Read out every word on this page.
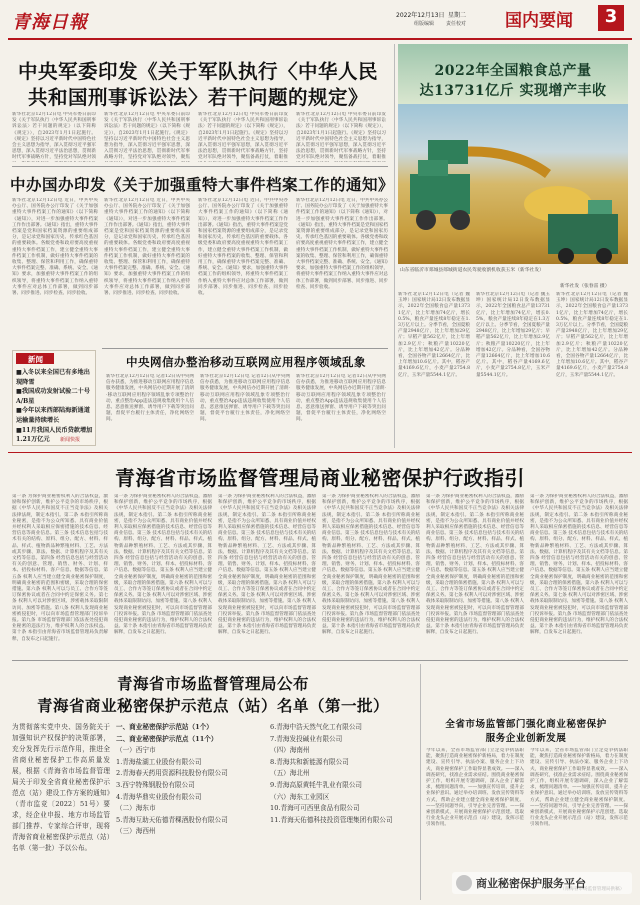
青海日報	2022年12月13日 星期二
组版编辑 责任校对 国内要闻	3
中央军委印发《关于军队执行〈中华人民
共和国刑事诉讼法〉若干问题的规定》
新华社北京12月12日电 中央军委日前印发《关于军队执行〈中华人民共和国刑事诉讼法〉若干问题的规定》（以下简称《规定》），自2023年1月1日起施行。《规定》坚持以习近平新时代中国特色社会主义思想为指导，深入贯彻习近平强军思想，深入贯彻习近平法治思想，贯彻新时代军事战略方针，坚持党对军队绝对领
新华社北京12月12日电 中央军委日前印发《关于军队执行〈中华人民共和国刑事诉讼法〉若干问题的规定》（以下简称《规定》），自2023年1月1日起施行。《规定》坚持以习近平新时代中国特色社会主义思想为指导，深入贯彻习近平强军思想，深入贯彻习近平法治思想，贯彻新时代军事战略方针，坚持党对军队绝对领导，聚焦
新华社北京12月12日电 中央军委日前印发《关于军队执行〈中华人民共和国刑事诉讼法〉若干问题的规定》（以下简称《规定》），自2023年1月1日起施行。《规定》坚持以习近平新时代中国特色社会主义思想为指导，深入贯彻习近平强军思想，深入贯彻习近平法治思想，贯彻新时代军事战略方针，坚持党对军队绝对领导，聚焦备战打仗，着眼推
新华社北京12月12日电 中央军委日前印发《关于军队执行〈中华人民共和国刑事诉讼法〉若干问题的规定》（以下简称《规定》），自2023年1月1日起施行。《规定》坚持以习近平新时代中国特色社会主义思想为指导，深入贯彻习近平强军思想，深入贯彻习近平法治思想，贯彻新时代军事战略方针，坚持党对军队绝对领导，聚焦备战打仗，着眼推
中办国办印发《关于加强重特大事件档案工作的通知》
新华社北京12月12日电 近日，中共中央办公厅、国务院办公厅印发了《关于加强重特大事件档案工作的通知》（以下简称《通知》），对进一步加强重特大事件档案工作作出部署。《通知》指出，重特大事件档案是党和国家档案资源的重要组成部分，是记录党和国家历史、传承红色基因的重要载体。各级党委和政府要高度重视重特大事件档案工作，建立健全重特大事件档案工作机制，做好重特大事件档案的收集、整理、保管和利用工作，确保重特大事件档案完整、准确、系统、安全。《通知》要求，加强重特大事件档案工作的组织领导，将重特大事件档案工作纳入重特大事件应对总体工作部署，做到同步部署、同步推进、同步检查、同步验收。
新华社北京12月12日电 近日，中共中央办公厅、国务院办公厅印发了《关于加强重特大事件档案工作的通知》（以下简称《通知》），对进一步加强重特大事件档案工作作出部署。《通知》指出，重特大事件档案是党和国家档案资源的重要组成部分，是记录党和国家历史、传承红色基因的重要载体。各级党委和政府要高度重视重特大事件档案工作，建立健全重特大事件档案工作机制，做好重特大事件档案的收集、整理、保管和利用工作，确保重特大事件档案完整、准确、系统、安全。《通知》要求，加强重特大事件档案工作的组织领导，将重特大事件档案工作纳入重特大事件应对总体工作部署，做到同步部署、同步推进、同步检查、同步验收。
新华社北京12月12日电 近日，中共中央办公厅、国务院办公厅印发了《关于加强重特大事件档案工作的通知》（以下简称《通知》），对进一步加强重特大事件档案工作作出部署。《通知》指出，重特大事件档案是党和国家档案资源的重要组成部分，是记录党和国家历史、传承红色基因的重要载体。各级党委和政府要高度重视重特大事件档案工作，建立健全重特大事件档案工作机制，做好重特大事件档案的收集、整理、保管和利用工作，确保重特大事件档案完整、准确、系统、安全。《通知》要求，加强重特大事件档案工作的组织领导，将重特大事件档案工作纳入重特大事件应对总体工作部署，做到同步部署、同步推进、同步检查、同步验收。
新华社北京12月12日电 近日，中共中央办公厅、国务院办公厅印发了《关于加强重特大事件档案工作的通知》（以下简称《通知》），对进一步加强重特大事件档案工作作出部署。《通知》指出，重特大事件档案是党和国家档案资源的重要组成部分，是记录党和国家历史、传承红色基因的重要载体。各级党委和政府要高度重视重特大事件档案工作，建立健全重特大事件档案工作机制，做好重特大事件档案的收集、整理、保管和利用工作，确保重特大事件档案完整、准确、系统、安全。《通知》要求，加强重特大事件档案工作的组织领导，将重特大事件档案工作纳入重特大事件应对总体工作部署，做到同步部署、同步推进、同步检查、同步验收。
新闻
■入冬以来全国已有多地出现降雪
■我国成功发射试验二十号A/B星
■今年以来西部陆海新通道运输量持续增长
■11月我国人民币贷款增加1.21万亿元	新闻快报
中央网信办整治移动互联网应用程序领域乱象
新华社北京12月12日电 记者12日从中央网信办获悉，为推进移动互联网应用程序信息服务健康发展，中央网信办近期开展了清朗·移动互联网应用程序领域乱象专项整治行动，重点整治App违法违规收集使用个人信息、恶意推送弹窗、诱导用户下载等突出问题，督促平台履行主体责任，净化网络空间。
新华社北京12月12日电 记者12日从中央网信办获悉，为推进移动互联网应用程序信息服务健康发展，中央网信办近期开展了清朗·移动互联网应用程序领域乱象专项整治行动，重点整治App违法违规收集使用个人信息、恶意推送弹窗、诱导用户下载等突出问题，督促平台履行主体责任，净化网络空间。
新华社北京12月12日电 记者12日从中央网信办获悉，为推进移动互联网应用程序信息服务健康发展，中央网信办近期开展了清朗·移动互联网应用程序领域乱象专项整治行动，重点整治App违法违规收集使用个人信息、恶意推送弹窗、诱导用户下载等突出问题，督促平台履行主体责任，净化网络空间。
2022年全国粮食总产量
达13731亿斤 实现增产丰收
山东省临沂市郯城县郯城街道农民驾驶收割机收获玉米（新华社发）
新华社发（张春雷 摄）
新华社北京12月12日电（记者 魏玉坤）国家统计局12日发布数据显示，2022年全国粮食总产量13731亿斤，比上年增加74亿斤，增长0.5%，粮食产量连续8年稳定在1.3万亿斤以上。分季节看，全国夏粮产量2948亿斤，比上年增加29亿斤；早稻产量562亿斤，比上年增加2.9亿斤；秋粮产量10220亿斤，比上年增加42亿斤。分品种看，全国谷物产量12664亿斤，比上年增加10.6亿斤。其中，稻谷产量4169.6亿斤，小麦产量2754.8亿斤，玉米产量5544.1亿斤。
新华社北京12月12日电（记者 魏玉坤）国家统计局12日发布数据显示，2022年全国粮食总产量13731亿斤，比上年增加74亿斤，增长0.5%，粮食产量连续8年稳定在1.3万亿斤以上。分季节看，全国夏粮产量2948亿斤，比上年增加29亿斤；早稻产量562亿斤，比上年增加2.9亿斤；秋粮产量10220亿斤，比上年增加42亿斤。分品种看，全国谷物产量12664亿斤，比上年增加10.6亿斤。其中，稻谷产量4169.6亿斤，小麦产量2754.8亿斤，玉米产量5544.1亿斤。
新华社北京12月12日电（记者 魏玉坤）国家统计局12日发布数据显示，2022年全国粮食总产量13731亿斤，比上年增加74亿斤，增长0.5%，粮食产量连续8年稳定在1.3万亿斤以上。分季节看，全国夏粮产量2948亿斤，比上年增加29亿斤；早稻产量562亿斤，比上年增加2.9亿斤；秋粮产量10220亿斤，比上年增加42亿斤。分品种看，全国谷物产量12664亿斤，比上年增加10.6亿斤。其中，稻谷产量4169.6亿斤，小麦产量2754.8亿斤，玉米产量5544.1亿斤。
青海省市场监督管理局商业秘密保护行政指引
第一条 为保护商业秘密权利人的合法权益，激励和保护创新，维护公平竞争的市场秩序，根据《中华人民共和国反不正当竞争法》及相关法律法规，制定本指引。第二条 本指引所称商业秘密，是指不为公众所知悉、具有商业价值并经权利人采取相应保密措施的技术信息、经营信息等商业信息。第三条 技术信息包括与技术有关的结构、原料、组分、配方、材料、样品、样式、植物新品种繁殖材料、工艺、方法或其步骤、算法、数据、计算机程序及其有关文档等信息。第四条 经营信息包括与经营活动有关的创意、管理、销售、财务、计划、样本、招投标材料、客户信息、数据等信息。第五条 权利人应当建立健全商业秘密保护制度，明确商业秘密的范围和密级，采取合理的保密措施。第六条 权利人可以与员工、合作方等签订保密协议或者在合同中约定保密义务。第七条 权利人可以对涉密区域、涉密载体采取限制访问、加密等措施。第八条 权利人发现商业秘密被侵犯时，可以向市场监督管理部门投诉举报。第九条 市场监督管理部门依法查处侵犯商业秘密的违法行为，维护权利人的合法权益。第十条 本指引由青海省市场监督管理局负责解释，自发布之日起施行。
第一条 为保护商业秘密权利人的合法权益，激励和保护创新，维护公平竞争的市场秩序，根据《中华人民共和国反不正当竞争法》及相关法律法规，制定本指引。第二条 本指引所称商业秘密，是指不为公众所知悉、具有商业价值并经权利人采取相应保密措施的技术信息、经营信息等商业信息。第三条 技术信息包括与技术有关的结构、原料、组分、配方、材料、样品、样式、植物新品种繁殖材料、工艺、方法或其步骤、算法、数据、计算机程序及其有关文档等信息。第四条 经营信息包括与经营活动有关的创意、管理、销售、财务、计划、样本、招投标材料、客户信息、数据等信息。第五条 权利人应当建立健全商业秘密保护制度，明确商业秘密的范围和密级，采取合理的保密措施。第六条 权利人可以与员工、合作方等签订保密协议或者在合同中约定保密义务。第七条 权利人可以对涉密区域、涉密载体采取限制访问、加密等措施。第八条 权利人发现商业秘密被侵犯时，可以向市场监督管理部门投诉举报。第九条 市场监督管理部门依法查处侵犯商业秘密的违法行为，维护权利人的合法权益。第十条 本指引由青海省市场监督管理局负责解释，自发布之日起施行。
第一条 为保护商业秘密权利人的合法权益，激励和保护创新，维护公平竞争的市场秩序，根据《中华人民共和国反不正当竞争法》及相关法律法规，制定本指引。第二条 本指引所称商业秘密，是指不为公众所知悉、具有商业价值并经权利人采取相应保密措施的技术信息、经营信息等商业信息。第三条 技术信息包括与技术有关的结构、原料、组分、配方、材料、样品、样式、植物新品种繁殖材料、工艺、方法或其步骤、算法、数据、计算机程序及其有关文档等信息。第四条 经营信息包括与经营活动有关的创意、管理、销售、财务、计划、样本、招投标材料、客户信息、数据等信息。第五条 权利人应当建立健全商业秘密保护制度，明确商业秘密的范围和密级，采取合理的保密措施。第六条 权利人可以与员工、合作方等签订保密协议或者在合同中约定保密义务。第七条 权利人可以对涉密区域、涉密载体采取限制访问、加密等措施。第八条 权利人发现商业秘密被侵犯时，可以向市场监督管理部门投诉举报。第九条 市场监督管理部门依法查处侵犯商业秘密的违法行为，维护权利人的合法权益。第十条 本指引由青海省市场监督管理局负责解释，自发布之日起施行。
第一条 为保护商业秘密权利人的合法权益，激励和保护创新，维护公平竞争的市场秩序，根据《中华人民共和国反不正当竞争法》及相关法律法规，制定本指引。第二条 本指引所称商业秘密，是指不为公众所知悉、具有商业价值并经权利人采取相应保密措施的技术信息、经营信息等商业信息。第三条 技术信息包括与技术有关的结构、原料、组分、配方、材料、样品、样式、植物新品种繁殖材料、工艺、方法或其步骤、算法、数据、计算机程序及其有关文档等信息。第四条 经营信息包括与经营活动有关的创意、管理、销售、财务、计划、样本、招投标材料、客户信息、数据等信息。第五条 权利人应当建立健全商业秘密保护制度，明确商业秘密的范围和密级，采取合理的保密措施。第六条 权利人可以与员工、合作方等签订保密协议或者在合同中约定保密义务。第七条 权利人可以对涉密区域、涉密载体采取限制访问、加密等措施。第八条 权利人发现商业秘密被侵犯时，可以向市场监督管理部门投诉举报。第九条 市场监督管理部门依法查处侵犯商业秘密的违法行为，维护权利人的合法权益。第十条 本指引由青海省市场监督管理局负责解释，自发布之日起施行。
第一条 为保护商业秘密权利人的合法权益，激励和保护创新，维护公平竞争的市场秩序，根据《中华人民共和国反不正当竞争法》及相关法律法规，制定本指引。第二条 本指引所称商业秘密，是指不为公众所知悉、具有商业价值并经权利人采取相应保密措施的技术信息、经营信息等商业信息。第三条 技术信息包括与技术有关的结构、原料、组分、配方、材料、样品、样式、植物新品种繁殖材料、工艺、方法或其步骤、算法、数据、计算机程序及其有关文档等信息。第四条 经营信息包括与经营活动有关的创意、管理、销售、财务、计划、样本、招投标材料、客户信息、数据等信息。第五条 权利人应当建立健全商业秘密保护制度，明确商业秘密的范围和密级，采取合理的保密措施。第六条 权利人可以与员工、合作方等签订保密协议或者在合同中约定保密义务。第七条 权利人可以对涉密区域、涉密载体采取限制访问、加密等措施。第八条 权利人发现商业秘密被侵犯时，可以向市场监督管理部门投诉举报。第九条 市场监督管理部门依法查处侵犯商业秘密的违法行为，维护权利人的合法权益。第十条 本指引由青海省市场监督管理局负责解释，自发布之日起施行。
第一条 为保护商业秘密权利人的合法权益，激励和保护创新，维护公平竞争的市场秩序，根据《中华人民共和国反不正当竞争法》及相关法律法规，制定本指引。第二条 本指引所称商业秘密，是指不为公众所知悉、具有商业价值并经权利人采取相应保密措施的技术信息、经营信息等商业信息。第三条 技术信息包括与技术有关的结构、原料、组分、配方、材料、样品、样式、植物新品种繁殖材料、工艺、方法或其步骤、算法、数据、计算机程序及其有关文档等信息。第四条 经营信息包括与经营活动有关的创意、管理、销售、财务、计划、样本、招投标材料、客户信息、数据等信息。第五条 权利人应当建立健全商业秘密保护制度，明确商业秘密的范围和密级，采取合理的保密措施。第六条 权利人可以与员工、合作方等签订保密协议或者在合同中约定保密义务。第七条 权利人可以对涉密区域、涉密载体采取限制访问、加密等措施。第八条 权利人发现商业秘密被侵犯时，可以向市场监督管理部门投诉举报。第九条 市场监督管理部门依法查处侵犯商业秘密的违法行为，维护权利人的合法权益。第十条 本指引由青海省市场监督管理局负责解释，自发布之日起施行。
青海省市场监督管理局公布
青海省商业秘密保护示范点（站）名单（第一批）
为贯彻落实党中央、国务院关于加强知识产权保护的决策部署，充分发挥先行示范作用，推进全省商业秘密保护工作高质量发展，根据《青海省市场监督管理局关于印发全省商业秘密保护示范点（站）建设工作方案的通知》（青市监竞〔2022〕51号）要求，经企业申报、地方市场监管部门推荐、专家综合评审，现将青海省商业秘密保护示范点（站）名单（第一批）予以公布。
一、商业秘密保护示范站（1个）
二、商业秘密保护示范点（11个）
（一）西宁市
1.青海盐湖工业股份有限公司
2.青海春天药用资源科技股份有限公司
3.西宁特殊钢股份有限公司
4.青海华鼎实业股份有限公司
（二）海东市
5.青海互助天佑德青稞酒股份有限公司
（三）海西州
6.青海中浩天然气化工有限公司
7.青海发投碱业有限公司
（四）海南州
8.青海共和新能源有限公司
（五）海北州
9.青海高原黄牦牛乳业有限公司
（六）海东工业园区
10.青海可可西里食品有限公司
11.青海天佑德科技投资管理集团有限公司
全省市场监管部门强化商业秘密保护
服务企业创新发展
今年以来，全省市场监管部门立足竞争执法职能，聚焦打造商业秘密保护新格局，着力在制度建设、宣传引导、执法办案、服务企业上下功夫，商业秘密保护工作取得显著成效。——深入调查研究，找准企业需求症结。围绕商业秘密保护工作，组织开展专题调研，深入企业了解需求，梳理问题清单。——加强宣传培训，提升企业保护意识。通过举办培训班、发放宣传资料等方式，帮助企业建立健全商业秘密保护制度。——坚持问题导向，引导企业完善管理。——探索创新模式，开展商业秘密保护示范创建。选取行业龙头企业开展示范点（站）建设，发挥示范引领作用。
今年以来，全省市场监管部门立足竞争执法职能，聚焦打造商业秘密保护新格局，着力在制度建设、宣传引导、执法办案、服务企业上下功夫，商业秘密保护工作取得显著成效。——深入调查研究，找准企业需求症结。围绕商业秘密保护工作，组织开展专题调研，深入企业了解需求，梳理问题清单。——加强宣传培训，提升企业保护意识。通过举办培训班、发放宣传资料等方式，帮助企业建立健全商业秘密保护制度。——坚持问题导向，引导企业完善管理。——探索创新模式，开展商业秘密保护示范创建。选取行业龙头企业开展示范点（站）建设，发挥示范引领作用。
商业秘密保护服务平台
